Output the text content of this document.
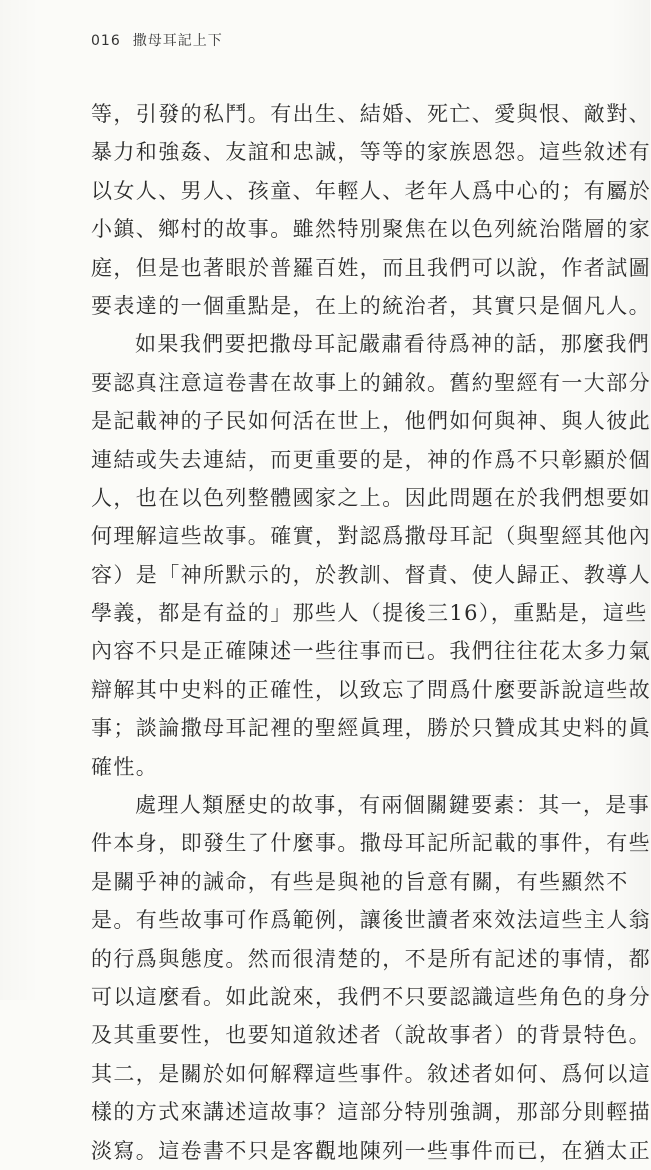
016 撒母耳記上下
等，引發的私鬥。有出生、結婚、死亡、愛與恨、敵對、
暴力和強姦、友誼和忠誠，等等的家族恩怨。這些敘述有
以女人、男人、孩童、年輕人、老年人爲中心的；有屬於
小鎮、鄉村的故事。雖然特別聚焦在以色列統治階層的家
庭，但是也著眼於普羅百姓，而且我們可以說，作者試圖
要表達的一個重點是，在上的統治者，其實只是個凡人。
如果我們要把撒母耳記嚴肅看待爲神的話，那麼我們
要認真注意這卷書在故事上的鋪敘。舊約聖經有一大部分
是記載神的子民如何活在世上，他們如何與神、與人彼此
連結或失去連結，而更重要的是，神的作爲不只彰顯於個
人，也在以色列整體國家之上。因此問題在於我們想要如
何理解這些故事。確實，對認爲撒母耳記（與聖經其他內
容）是「神所默示的，於教訓、督責、使人歸正、教導人
學義，都是有益的」那些人（提後三16），重點是，這些
內容不只是正確陳述一些往事而已。我們往往花太多力氣
辯解其中史料的正確性，以致忘了問爲什麼要訴說這些故
事；談論撒母耳記裡的聖經眞理，勝於只贊成其史料的眞
確性。
處理人類歷史的故事，有兩個關鍵要素：其一，是事
件本身，即發生了什麼事。撒母耳記所記載的事件，有些
是關乎神的誡命，有些是與祂的旨意有關，有些顯然不
是。有些故事可作爲範例，讓後世讀者來效法這些主人翁
的行爲與態度。然而很清楚的，不是所有記述的事情，都
可以這麼看。如此說來，我們不只要認識這些角色的身分
及其重要性，也要知道敘述者（說故事者）的背景特色。
其二，是關於如何解釋這些事件。敘述者如何、爲何以這
樣的方式來講述這故事？這部分特別強調，那部分則輕描
淡寫。這卷書不只是客觀地陳列一些事件而已，在猶太正
